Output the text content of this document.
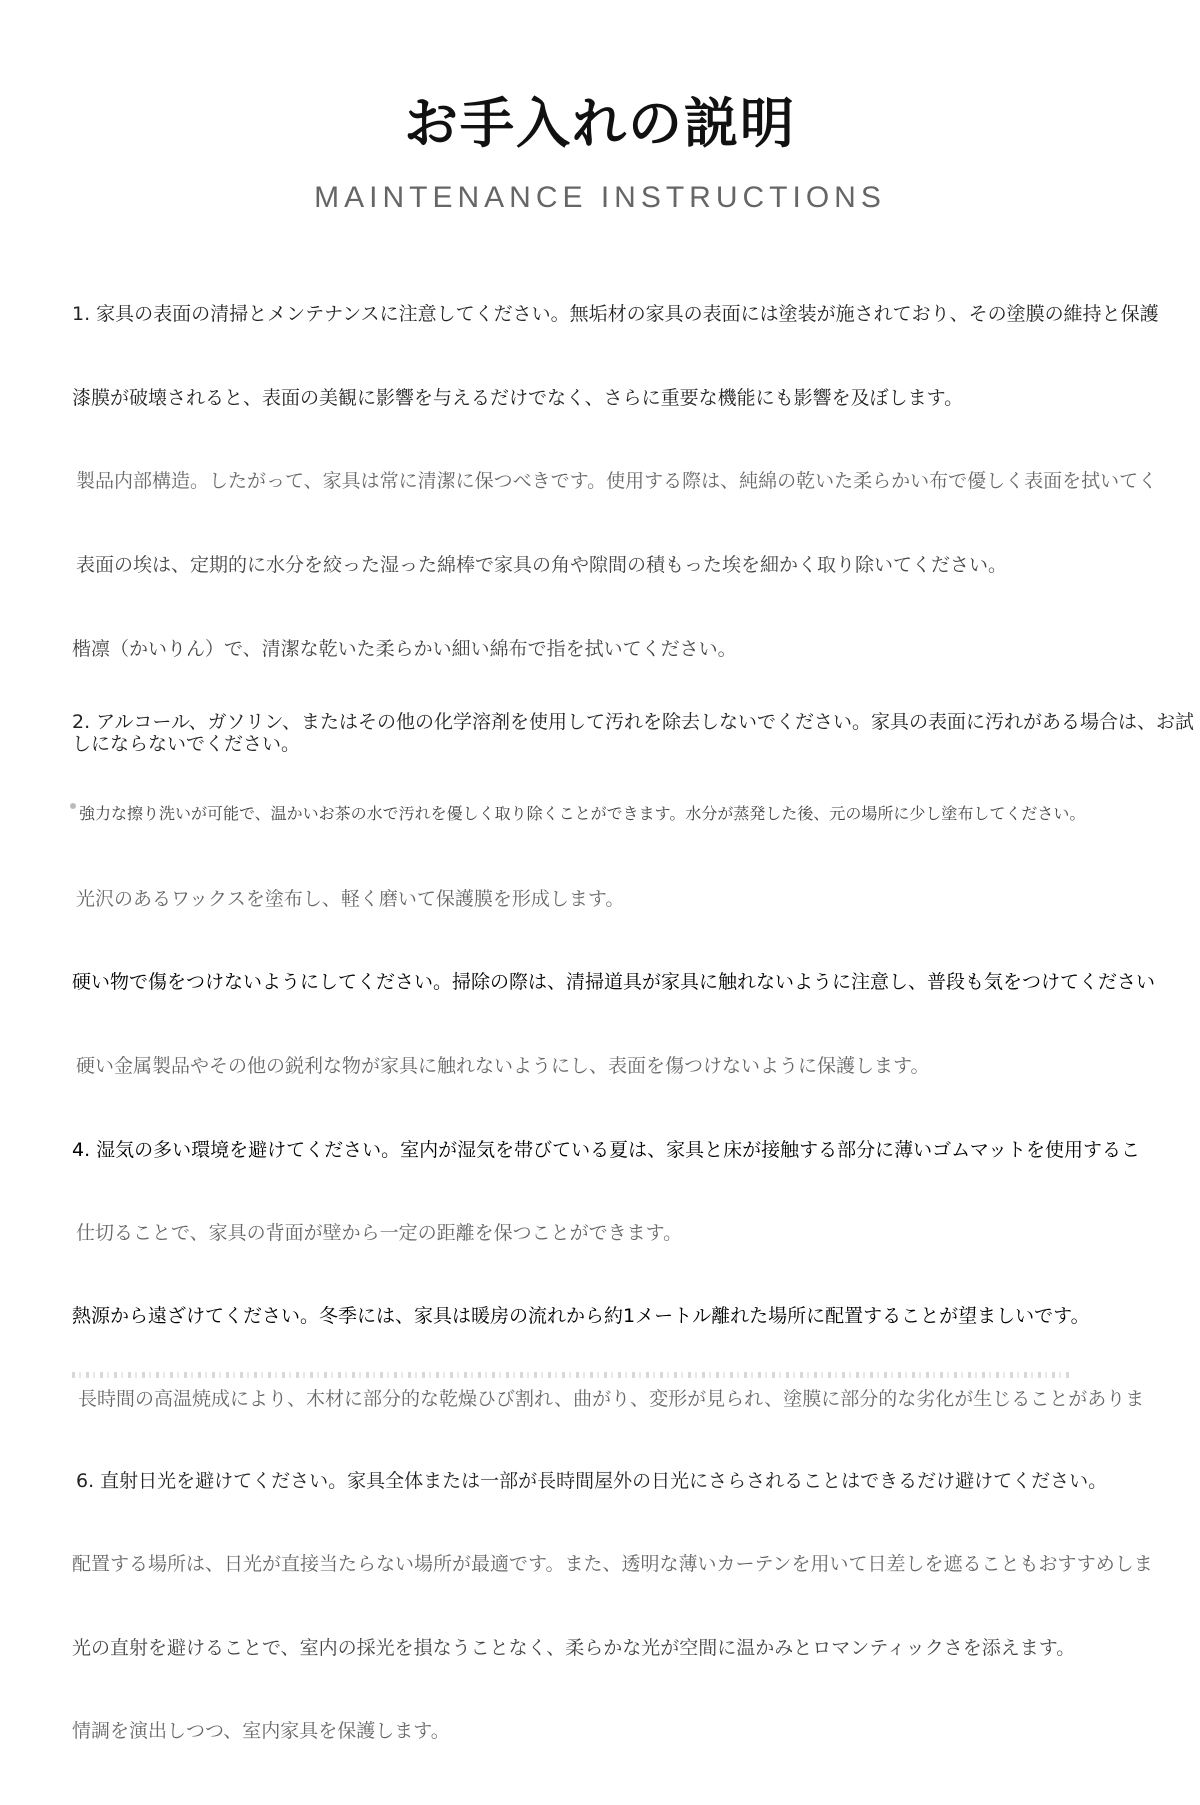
お手入れの説明
MAINTENANCE INSTRUCTIONS
1. 家具の表面の清掃とメンテナンスに注意してください。無垢材の家具の表面には塗装が施されており、その塗膜の維持と保護
漆膜が破壊されると、表面の美観に影響を与えるだけでなく、さらに重要な機能にも影響を及ぼします。
製品内部構造。したがって、家具は常に清潔に保つべきです。使用する際は、純綿の乾いた柔らかい布で優しく表面を拭いてく
表面の埃は、定期的に水分を絞った湿った綿棒で家具の角や隙間の積もった埃を細かく取り除いてください。
楷凛（かいりん）で、清潔な乾いた柔らかい細い綿布で指を拭いてください。
2. アルコール、ガソリン、またはその他の化学溶剤を使用して汚れを除去しないでください。家具の表面に汚れがある場合は、お試しにならないでください。
強力な擦り洗いが可能で、温かいお茶の水で汚れを優しく取り除くことができます。水分が蒸発した後、元の場所に少し塗布してください。
光沢のあるワックスを塗布し、軽く磨いて保護膜を形成します。
硬い物で傷をつけないようにしてください。掃除の際は、清掃道具が家具に触れないように注意し、普段も気をつけてください
硬い金属製品やその他の鋭利な物が家具に触れないようにし、表面を傷つけないように保護します。
4. 湿気の多い環境を避けてください。室内が湿気を帯びている夏は、家具と床が接触する部分に薄いゴムマットを使用するこ
仕切ることで、家具の背面が壁から一定の距離を保つことができます。
熱源から遠ざけてください。冬季には、家具は暖房の流れから約1メートル離れた場所に配置することが望ましいです。
長時間の高温焼成により、木材に部分的な乾燥ひび割れ、曲がり、変形が見られ、塗膜に部分的な劣化が生じることがありま
6. 直射日光を避けてください。家具全体または一部が長時間屋外の日光にさらされることはできるだけ避けてください。
配置する場所は、日光が直接当たらない場所が最適です。また、透明な薄いカーテンを用いて日差しを遮ることもおすすめしま
光の直射を避けることで、室内の採光を損なうことなく、柔らかな光が空間に温かみとロマンティックさを添えます。
情調を演出しつつ、室内家具を保護します。
